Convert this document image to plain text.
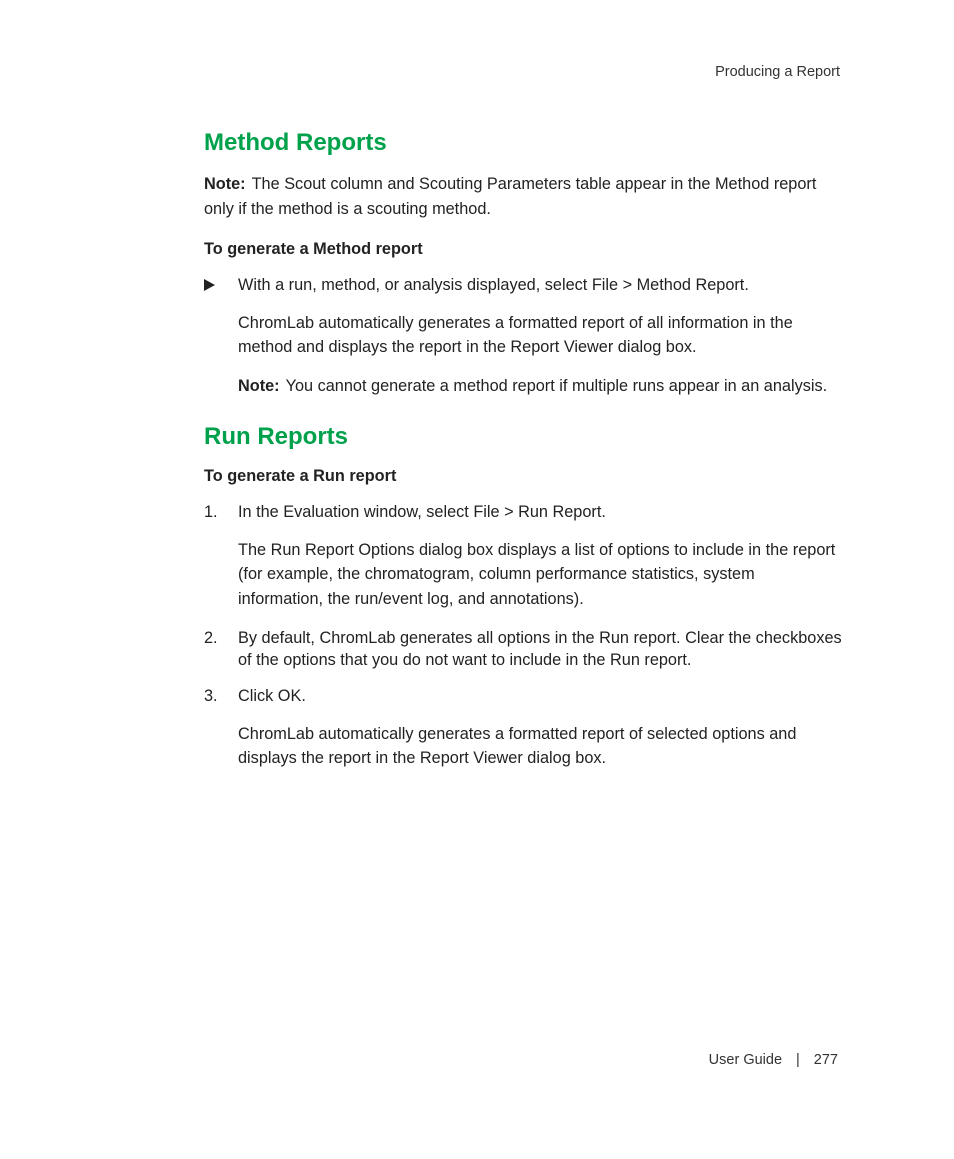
Producing a Report
Method Reports

Note: The Scout column and Scouting Parameters table appear in the Method report only if the method is a scouting method.

To generate a Method report
With a run, method, or analysis displayed, select File > Method Report.

ChromLab automatically generates a formatted report of all information in the method and displays the report in the Report Viewer dialog box.

Note: You cannot generate a method report if multiple runs appear in an analysis.

Run Reports
To generate a Run report
1.	In the Evaluation window, select File > Run Report.

The Run Report Options dialog box displays a list of options to include in the report (for example, the chromatogram, column performance statistics, system information, the run/event log, and annotations).

2.	By default, ChromLab generates all options in the Run report. Clear the checkboxes of the options that you do not want to include in the Run report.
3.	Click OK.

ChromLab automatically generates a formatted report of selected options and displays the report in the Report Viewer dialog box.

User Guide | 277
